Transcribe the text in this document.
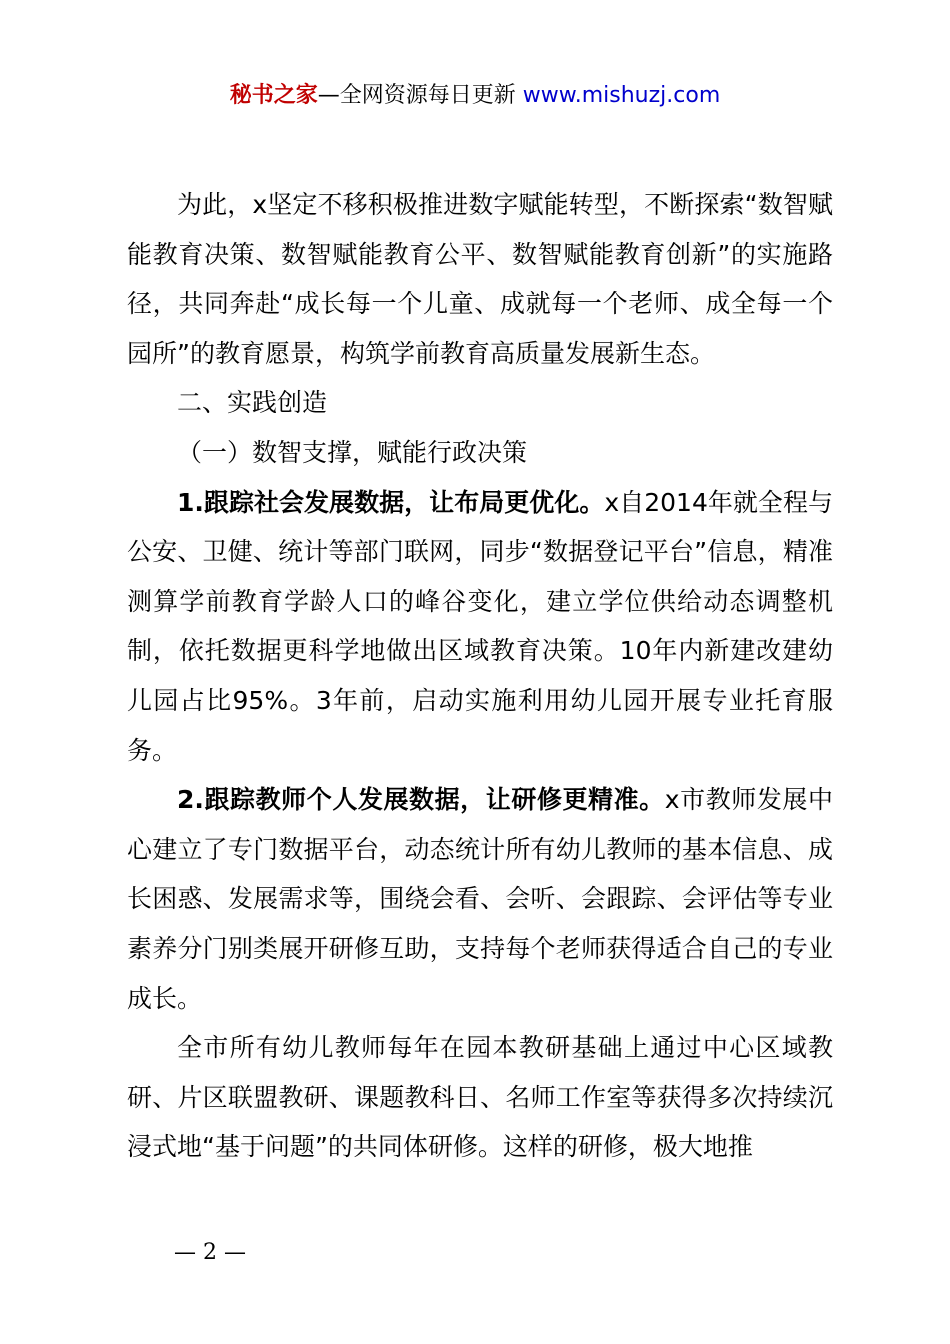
秘书之家—全网资源每日更新 www.mishuzj.com

为此，x坚定不移积极推进数字赋能转型，不断探索“数智赋能教育决策、数智赋能教育公平、数智赋能教育创新”的实施路径，共同奔赴“成长每一个儿童、成就每一个老师、成全每一个园所”的教育愿景，构筑学前教育高质量发展新生态。

二、实践创造

（一）数智支撑，赋能行政决策

1.跟踪社会发展数据，让布局更优化。x自2014年就全程与公安、卫健、统计等部门联网，同步“数据登记平台”信息，精准测算学前教育学龄人口的峰谷变化，建立学位供给动态调整机制，依托数据更科学地做出区域教育决策。10年内新建改建幼儿园占比95%。3年前，启动实施利用幼儿园开展专业托育服务。

2.跟踪教师个人发展数据，让研修更精准。x市教师发展中心建立了专门数据平台，动态统计所有幼儿教师的基本信息、成长困惑、发展需求等，围绕会看、会听、会跟踪、会评估等专业素养分门别类展开研修互助，支持每个老师获得适合自己的专业成长。

全市所有幼儿教师每年在园本教研基础上通过中心区域教研、片区联盟教研、课题教科日、名师工作室等获得多次持续沉浸式地“基于问题”的共同体研修。这样的研修，极大地推

— 2 —
